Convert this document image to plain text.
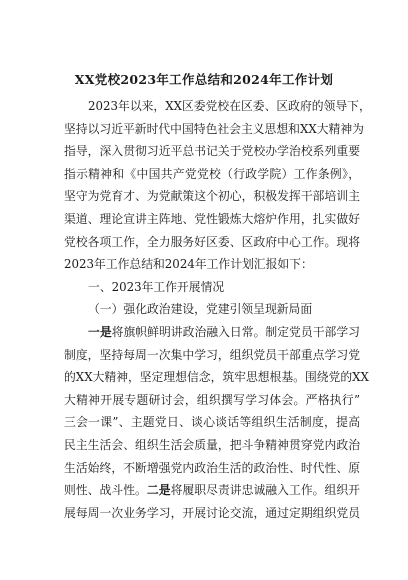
XX党校2023年工作总结和2024年工作计划
2023年以来，XX区委党校在区委、区政府的领导下，
坚持以习近平新时代中国特色社会主义思想和XX大精神为
指导，深入贯彻习近平总书记关于党校办学治校系列重要
指示精神和《中国共产党党校（行政学院）工作条例》，
坚守为党育才、为党献策这个初心，积极发挥干部培训主
渠道、理论宣讲主阵地、党性锻炼大熔炉作用，扎实做好
党校各项工作，全力服务好区委、区政府中心工作。现将
2023年工作总结和2024年工作计划汇报如下：
一、2023年工作开展情况
（一）强化政治建设，党建引领呈现新局面
一是将旗帜鲜明讲政治融入日常。制定党员干部学习
制度，坚持每周一次集中学习，组织党员干部重点学习党
的XX大精神，坚定理想信念，筑牢思想根基。围绕党的XX
大精神开展专题研讨会，组织撰写学习体会。严格执行”
三会一课”、主题党日、谈心谈话等组织生活制度，提高
民主生活会、组织生活会质量，把斗争精神贯穿党内政治
生活始终，不断增强党内政治生活的政治性、时代性、原
则性、战斗性。二是将履职尽责讲忠诚融入工作。组织开
展每周一次业务学习，开展讨论交流，通过定期组织党员
